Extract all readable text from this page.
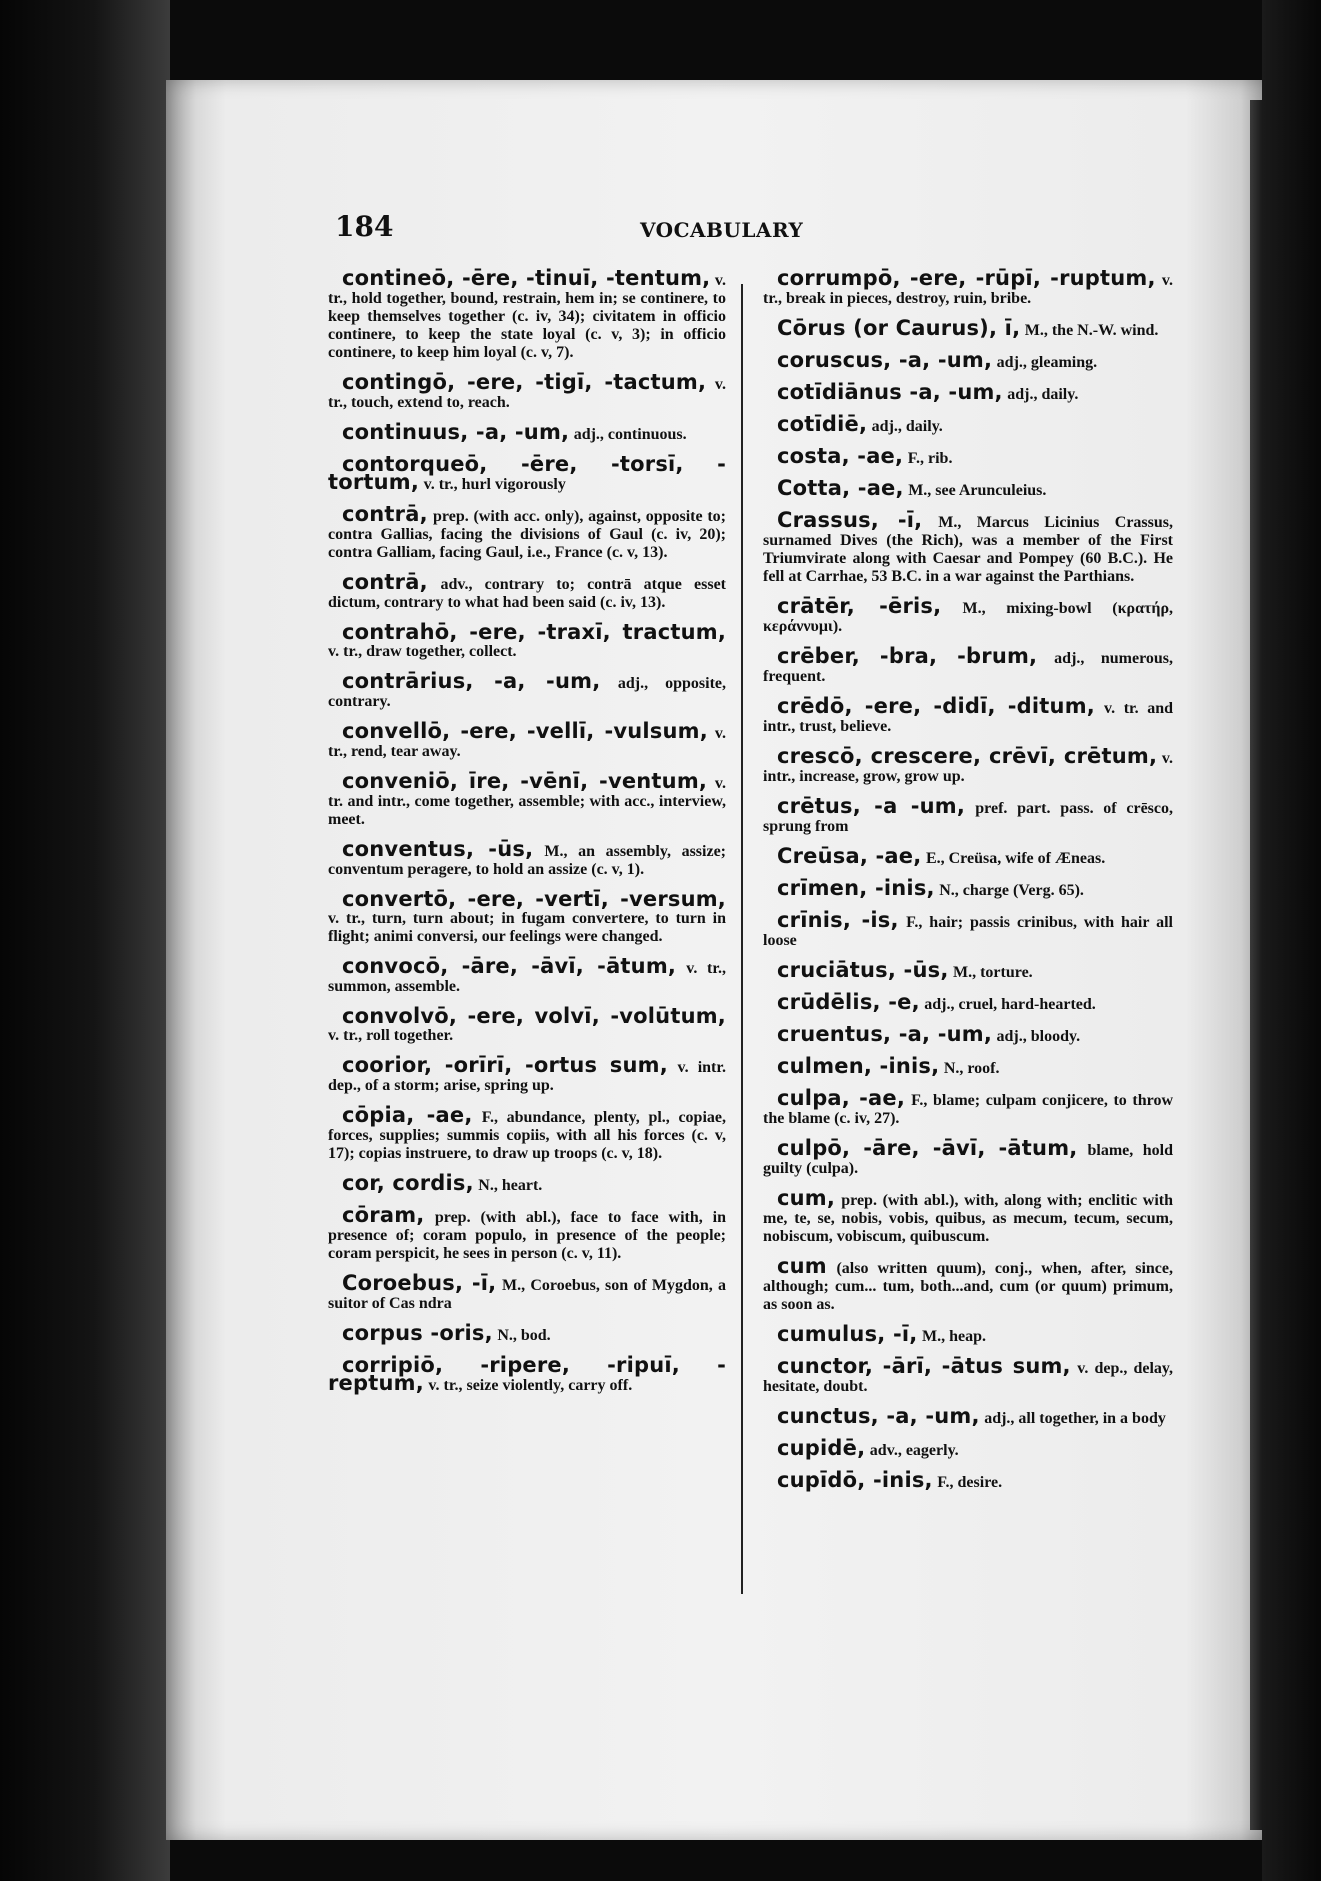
184	VOCABULARY

contineō, -ēre, -tinuī, -tentum, v. tr., hold together, bound, restrain, hem in; se continere, to keep themselves together (c. iv, 34); civitatem in officio continere, to keep the state loyal (c. v, 3); in officio continere, to keep him loyal (c. v, 7).

contingō, -ere, -tigī, -tactum, v. tr., touch, extend to, reach.

continuus, -a, -um, adj., continuous.

contorqueō, -ēre, -torsī, -tortum, v. tr., hurl vigorously

contrā, prep. (with acc. only), against, opposite to; contra Gallias, facing the divisions of Gaul (c. iv, 20); contra Galliam, facing Gaul, i.e., France (c. v, 13).

contrā, adv., contrary to; contrā atque esset dictum, contrary to what had been said (c. iv, 13).

contrahō, -ere, -traxī, tractum, v. tr., draw together, collect.

contrārius, -a, -um, adj., opposite, contrary.

convellō, -ere, -vellī, -vulsum, v. tr., rend, tear away.

conveniō, īre, -vēnī, -ventum, v. tr. and intr., come together, assemble; with acc., interview, meet.

conventus, -ūs, M., an assembly, assize; conventum peragere, to hold an assize (c. v, 1).

convertō, -ere, -vertī, -versum, v. tr., turn, turn about; in fugam convertere, to turn in flight; animi conversi, our feelings were changed.

convocō, -āre, -āvī, -ātum, v. tr., summon, assemble.

convolvō, -ere, volvī, -volūtum, v. tr., roll together.

coorior, -orīrī, -ortus sum, v. intr. dep., of a storm; arise, spring up.

cōpia, -ae, F., abundance, plenty, pl., copiae, forces, supplies; summis copiis, with all his forces (c. v, 17); copias instruere, to draw up troops (c. v, 18).

cor, cordis, N., heart.

cōram, prep. (with abl.), face to face with, in presence of; coram populo, in presence of the people; coram perspicit, he sees in person (c. v, 11).

Coroebus, -ī, M., Coroebus, son of Mygdon, a suitor of Cas ndra

corpus -oris, N., bod.

corripiō, -ripere, -ripuī, -reptum, v. tr., seize violently, carry off.

corrumpō, -ere, -rūpī, -ruptum, v. tr., break in pieces, destroy, ruin, bribe.

Cōrus (or Caurus), ī, M., the N.-W. wind.

coruscus, -a, -um, adj., gleaming.

cotīdiānus -a, -um, adj., daily.

cotīdiē, adj., daily.

costa, -ae, F., rib.

Cotta, -ae, M., see Arunculeius.

Crassus, -ī, M., Marcus Licinius Crassus, surnamed Dives (the Rich), was a member of the First Triumvirate along with Caesar and Pompey (60 B.C.). He fell at Carrhae, 53 B.C. in a war against the Parthians.

crātēr, -ēris, M., mixing-bowl (κρατήρ, κεράννυμι).

crēber, -bra, -brum, adj., numerous, frequent.

crēdō, -ere, -didī, -ditum, v. tr. and intr., trust, believe.

crescō, crescere, crēvī, crētum, v. intr., increase, grow, grow up.

crētus, -a -um, pref. part. pass. of crēsco, sprung from

Creūsa, -ae, E., Creüsa, wife of Æneas.

crīmen, -inis, N., charge (Verg. 65).

crīnis, -is, F., hair; passis crinibus, with hair all loose

cruciātus, -ūs, M., torture.

crūdēlis, -e, adj., cruel, hard-hearted.

cruentus, -a, -um, adj., bloody.

culmen, -inis, N., roof.

culpa, -ae, F., blame; culpam conjicere, to throw the blame (c. iv, 27).

culpō, -āre, -āvī, -ātum, blame, hold guilty (culpa).

cum, prep. (with abl.), with, along with; enclitic with me, te, se, nobis, vobis, quibus, as mecum, tecum, secum, nobiscum, vobiscum, quibuscum.

cum (also written quum), conj., when, after, since, although; cum... tum, both...and, cum (or quum) primum, as soon as.

cumulus, -ī, M., heap.

cunctor, -ārī, -ātus sum, v. dep., delay, hesitate, doubt.

cunctus, -a, -um, adj., all together, in a body

cupidē, adv., eagerly.

cupīdō, -inis, F., desire.
